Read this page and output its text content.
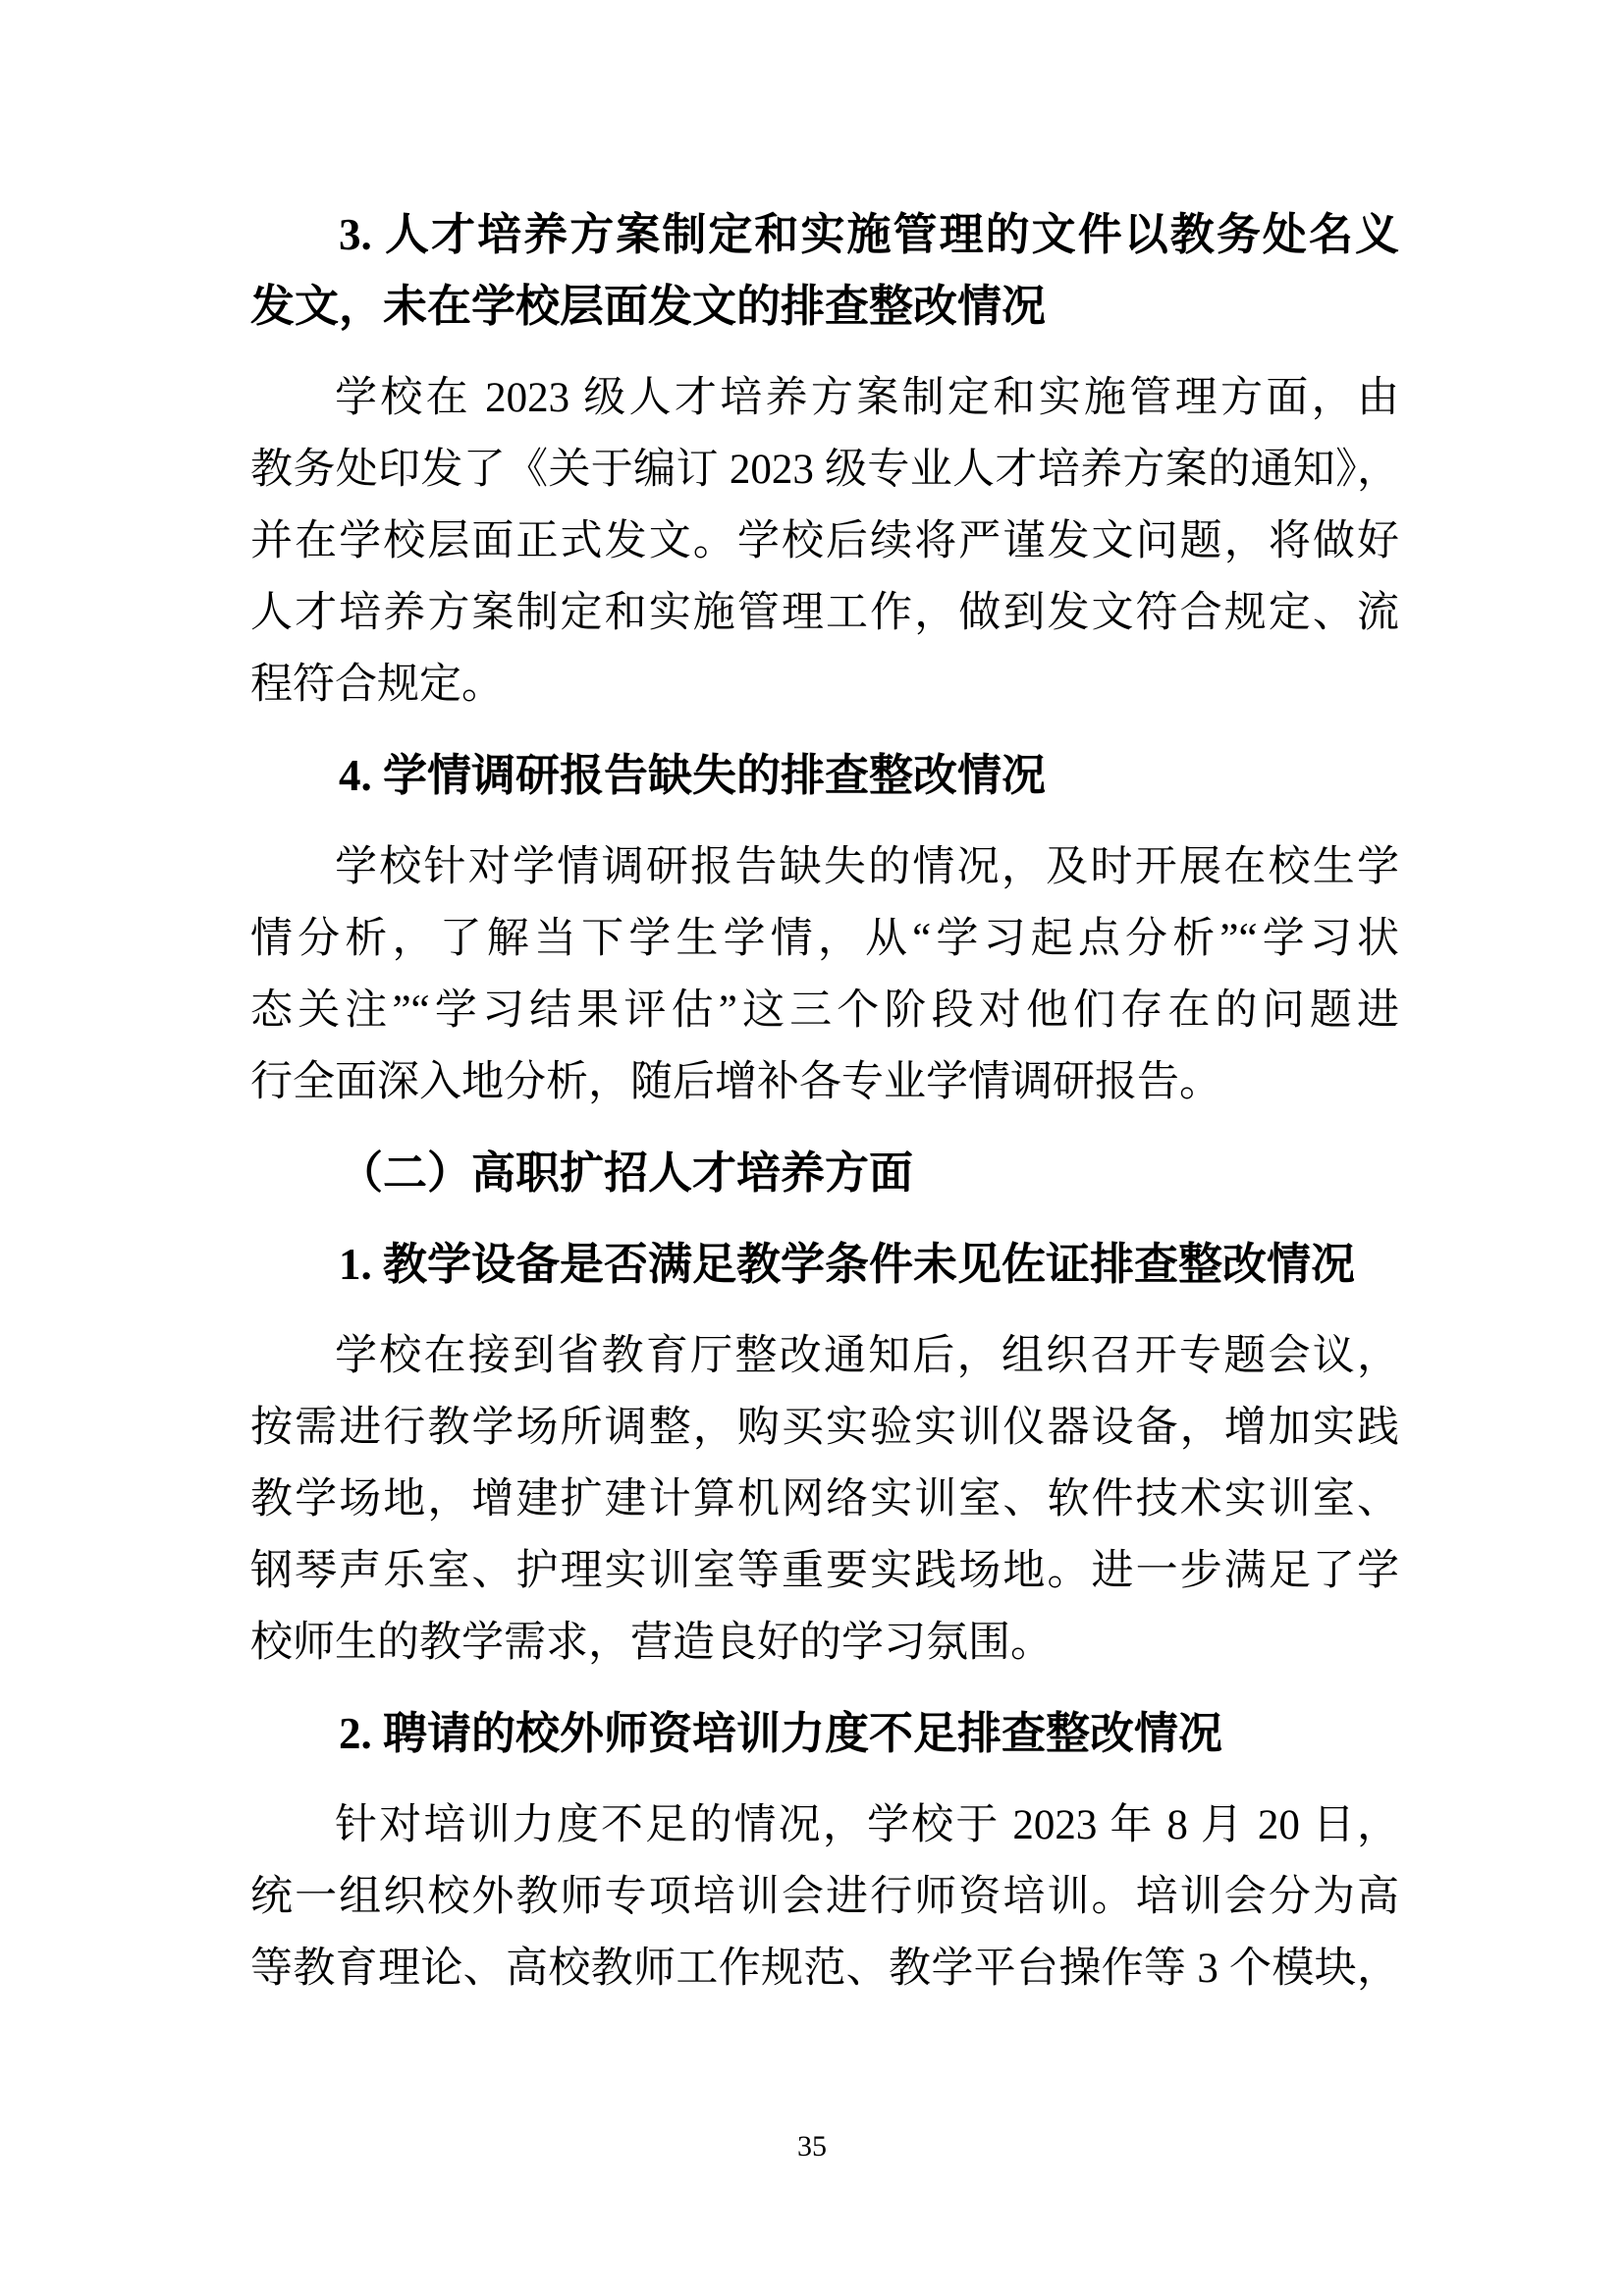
3. 人才培养方案制定和实施管理的文件以教务处名义
发文，未在学校层面发文的排查整改情况
学校在 2023 级人才培养方案制定和实施管理方面，由
教务处印发了《关于编订 2023 级专业人才培养方案的通知》，
并在学校层面正式发文。学校后续将严谨发文问题，将做好
人才培养方案制定和实施管理工作，做到发文符合规定、流
程符合规定。
4. 学情调研报告缺失的排查整改情况
学校针对学情调研报告缺失的情况，及时开展在校生学
情分析，了解当下学生学情，从“学习起点分析”“学习状
态关注”“学习结果评估”这三个阶段对他们存在的问题进
行全面深入地分析，随后增补各专业学情调研报告。
（二）高职扩招人才培养方面
1. 教学设备是否满足教学条件未见佐证排查整改情况
学校在接到省教育厅整改通知后，组织召开专题会议，
按需进行教学场所调整，购买实验实训仪器设备，增加实践
教学场地，增建扩建计算机网络实训室、软件技术实训室、
钢琴声乐室、护理实训室等重要实践场地。进一步满足了学
校师生的教学需求，营造良好的学习氛围。
2. 聘请的校外师资培训力度不足排查整改情况
针对培训力度不足的情况，学校于 2023 年 8 月 20 日，
统一组织校外教师专项培训会进行师资培训。培训会分为高
等教育理论、高校教师工作规范、教学平台操作等 3 个模块，
35
